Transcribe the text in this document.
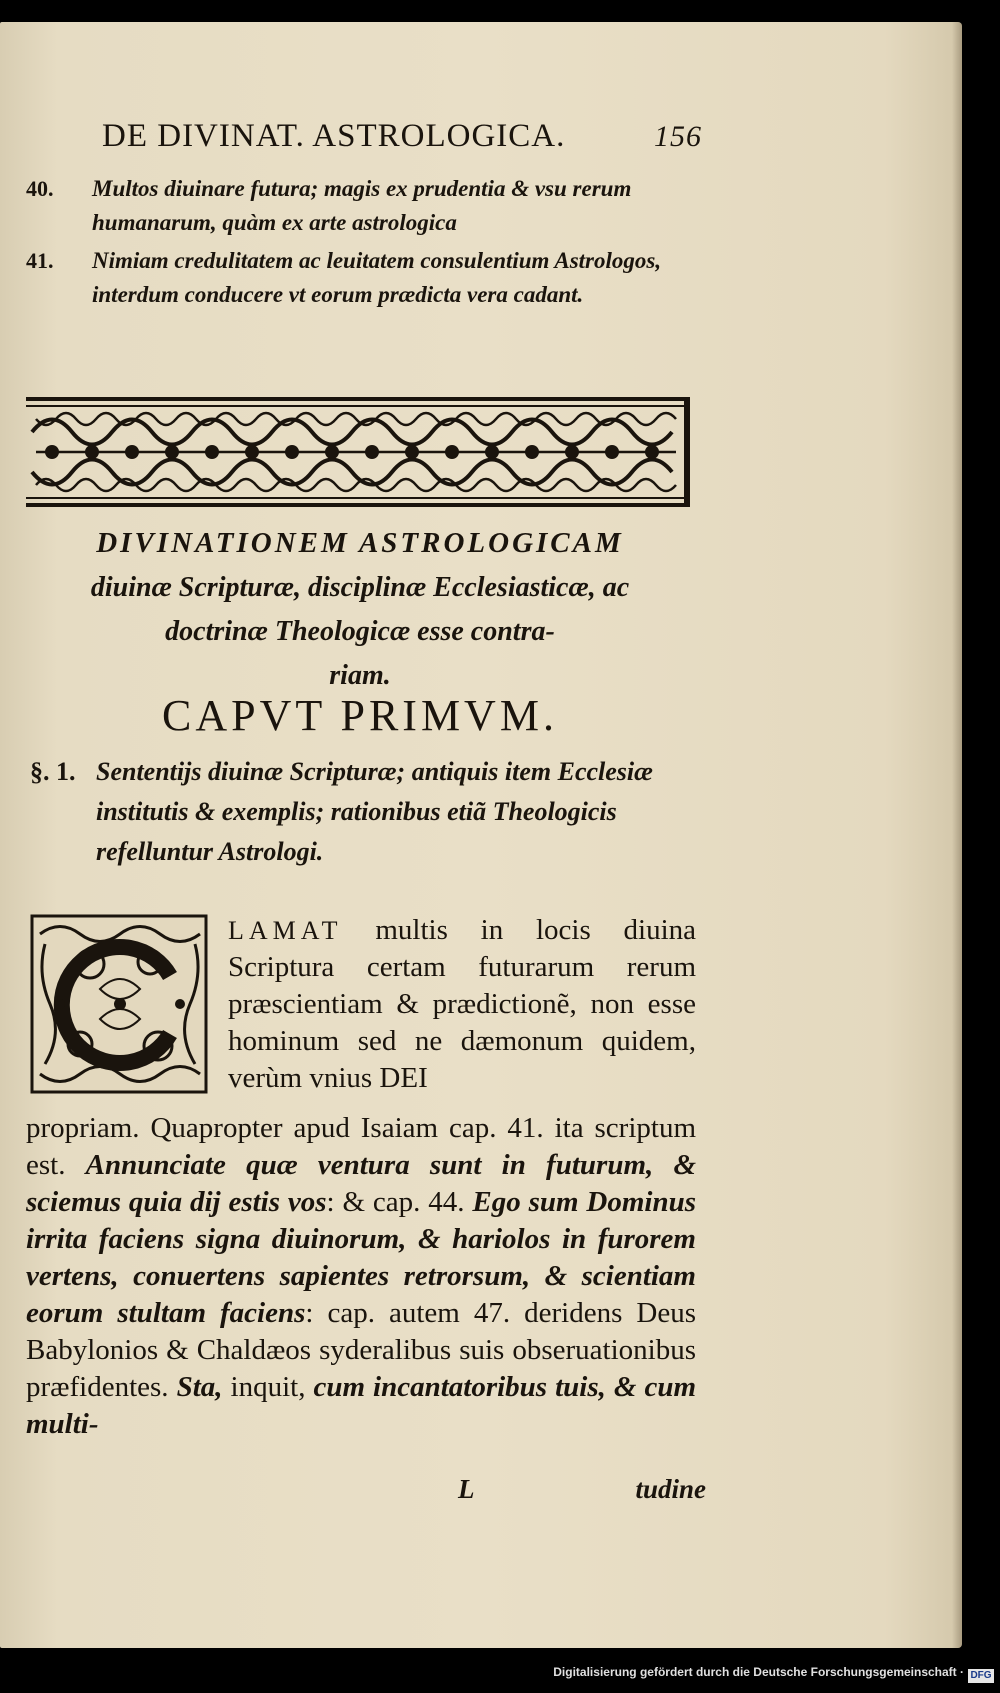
DE DIVINAT. ASTROLOGICA.	156
40. Multos diuinare futura; magis ex prudentia & vsu rerum humanarum, quàm ex arte astrologica
41. Nimiam credulitatem ac leuitatem consulentium Astrologos, interdum conducere vt eorum prædicta vera cadant.
DIVINATIONEM ASTROLOGICAM
diuinæ Scripturæ, disciplinæ Ecclesiasticæ, ac
doctrinæ Theologicæ esse contra-
riam.
CAPVT PRIMVM.
§. 1. Sententijs diuinæ Scripturæ; antiquis item Ecclesiæ institutis & exemplis; rationibus etiã Theologicis refelluntur Astrologi.
LAMAT multis in locis diuina Scriptura certam futurarum rerum præscientiam & prædictionẽ, non esse hominum sed ne dæmonum quidem, verùm vnius DEI
propriam. Quapropter apud Isaiam cap. 41. ita scriptum est. Annunciate quæ ventura sunt in futurum, & sciemus quia dij estis vos: & cap. 44. Ego sum Dominus irrita faciens signa diuinorum, & hariolos in furorem vertens, conuertens sapientes retrorsum, & scientiam eorum stultam faciens: cap. autem 47. deridens Deus Babylonios & Chaldæos syderalibus suis obseruationibus præfidentes. Sta, inquit, cum incantatoribus tuis, & cum multi-
L	tudine
Digitalisierung gefördert durch die Deutsche Forschungsgemeinschaft · DFG
